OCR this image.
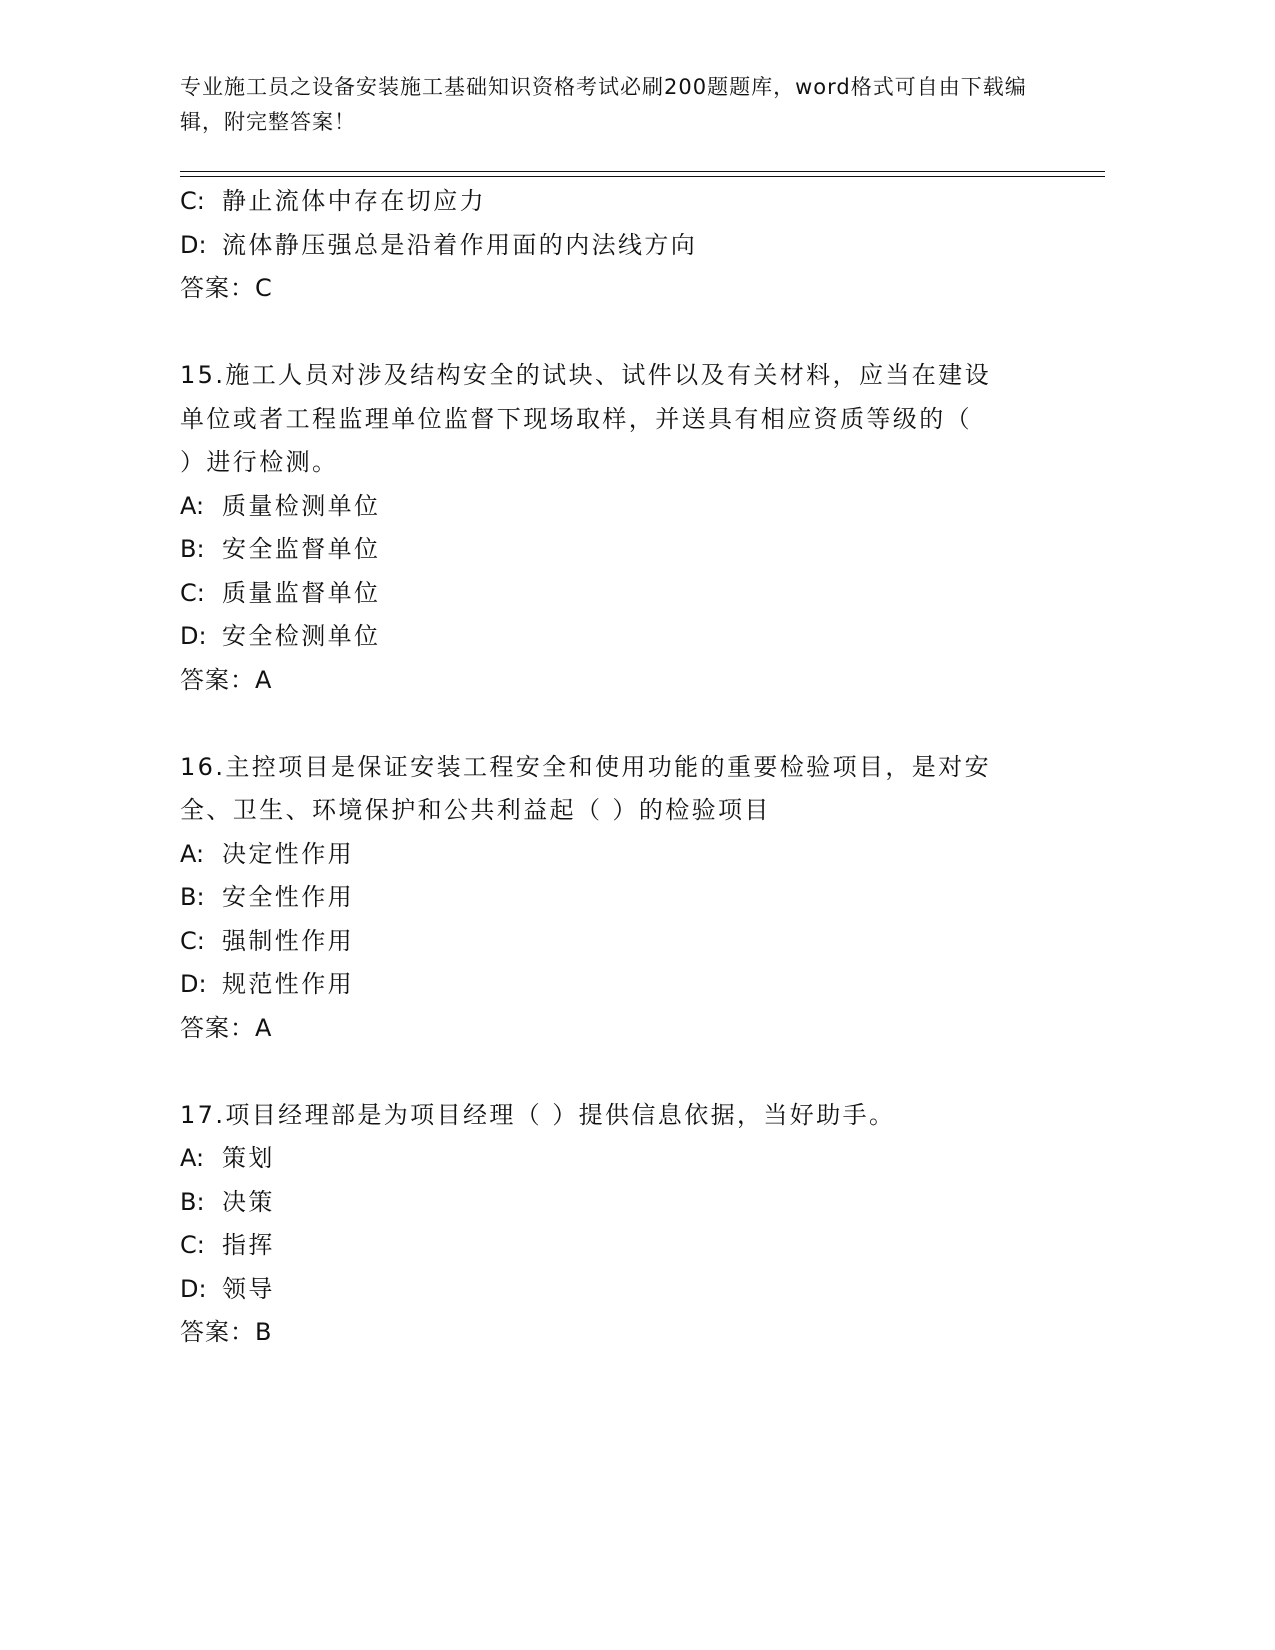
专业施工员之设备安装施工基础知识资格考试必刷200题题库，word格式可自由下载编辑，附完整答案！
C: 静止流体中存在切应力
D: 流体静压强总是沿着作用面的内法线方向
答案：C
15.施工人员对涉及结构安全的试块、试件以及有关材料，应当在建设
单位或者工程监理单位监督下现场取样，并送具有相应资质等级的（
）进行检测。
A: 质量检测单位
B: 安全监督单位
C: 质量监督单位
D: 安全检测单位
答案：A
16.主控项目是保证安装工程安全和使用功能的重要检验项目，是对安
全、卫生、环境保护和公共利益起（ ）的检验项目
A: 决定性作用
B: 安全性作用
C: 强制性作用
D: 规范性作用
答案：A
17.项目经理部是为项目经理（ ）提供信息依据，当好助手。
A: 策划
B: 决策
C: 指挥
D: 领导
答案：B
